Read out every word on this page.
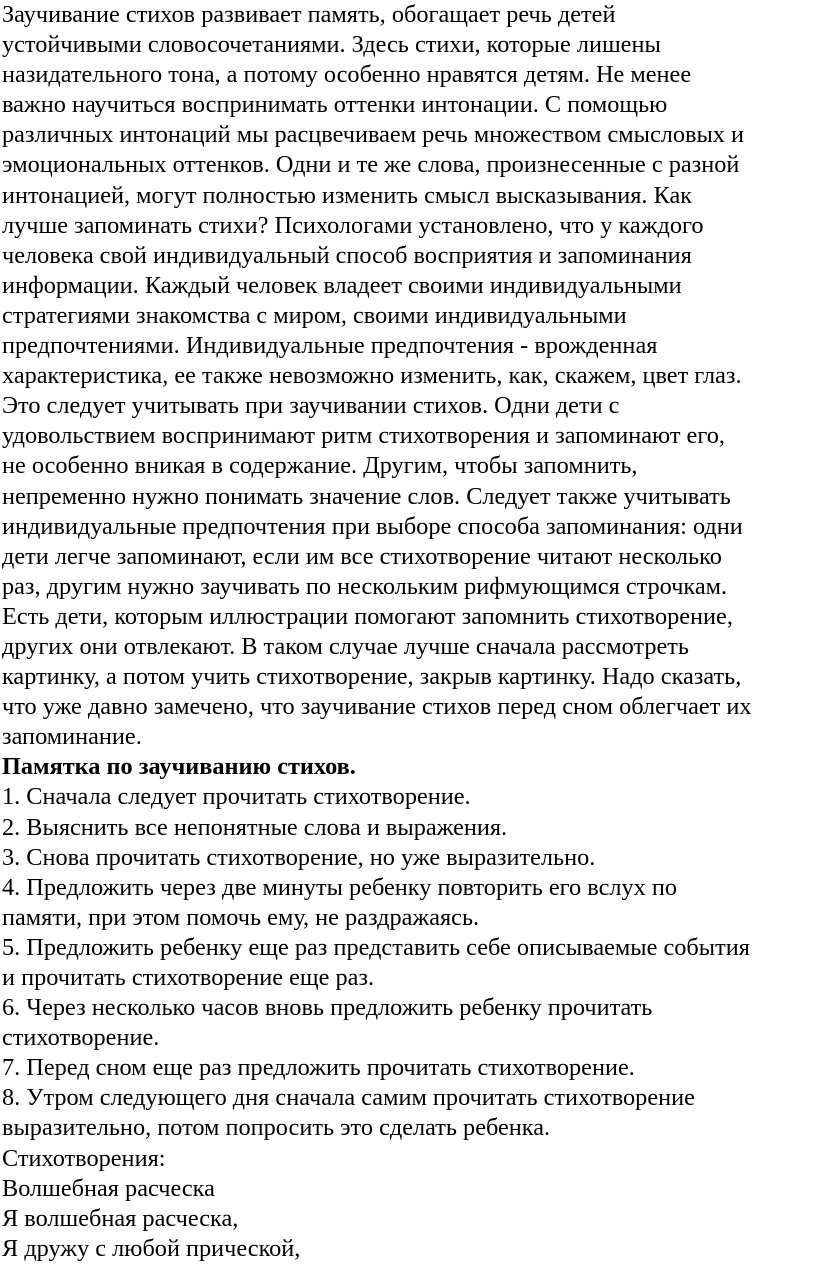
Заучивание стихов развивает память, обогащает речь детей
устойчивыми словосочетаниями. Здесь стихи, которые лишены
назидательного тона, а потому особенно нравятся детям. Не менее
важно научиться воспринимать оттенки интонации. С помощью
различных интонаций мы расцвечиваем речь множеством смысловых и
эмоциональных оттенков. Одни и те же слова, произнесенные с разной
интонацией, могут полностью изменить смысл высказывания. Как
лучше запоминать стихи? Психологами установлено, что у каждого
человека свой индивидуальный способ восприятия и запоминания
информации. Каждый человек владеет своими индивидуальными
стратегиями знакомства с миром, своими индивидуальными
предпочтениями. Индивидуальные предпочтения - врожденная
характеристика, ее также невозможно изменить, как, скажем, цвет глаз.
Это следует учитывать при заучивании стихов. Одни дети с
удовольствием воспринимают ритм стихотворения и запоминают его,
не особенно вникая в содержание. Другим, чтобы запомнить,
непременно нужно понимать значение слов. Следует также учитывать
индивидуальные предпочтения при выборе способа запоминания: одни
дети легче запоминают, если им все стихотворение читают несколько
раз, другим нужно заучивать по нескольким рифмующимся строчкам.
Есть дети, которым иллюстрации помогают запомнить стихотворение,
других они отвлекают. В таком случае лучше сначала рассмотреть
картинку, а потом учить стихотворение, закрыв картинку. Надо сказать,
что уже давно замечено, что заучивание стихов перед сном облегчает их
запоминание.
Памятка по заучиванию стихов.
1. Сначала следует прочитать стихотворение.
2. Выяснить все непонятные слова и выражения.
3. Снова прочитать стихотворение, но уже выразительно.
4. Предложить через две минуты ребенку повторить его вслух по
памяти, при этом помочь ему, не раздражаясь.
5. Предложить ребенку еще раз представить себе описываемые события
и прочитать стихотворение еще раз.
6. Через несколько часов вновь предложить ребенку прочитать
стихотворение.
7. Перед сном еще раз предложить прочитать стихотворение.
8. Утром следующего дня сначала самим прочитать стихотворение
выразительно, потом попросить это сделать ребенка.
Стихотворения:
Волшебная расческа
Я волшебная расческа,
Я дружу с любой прической,
